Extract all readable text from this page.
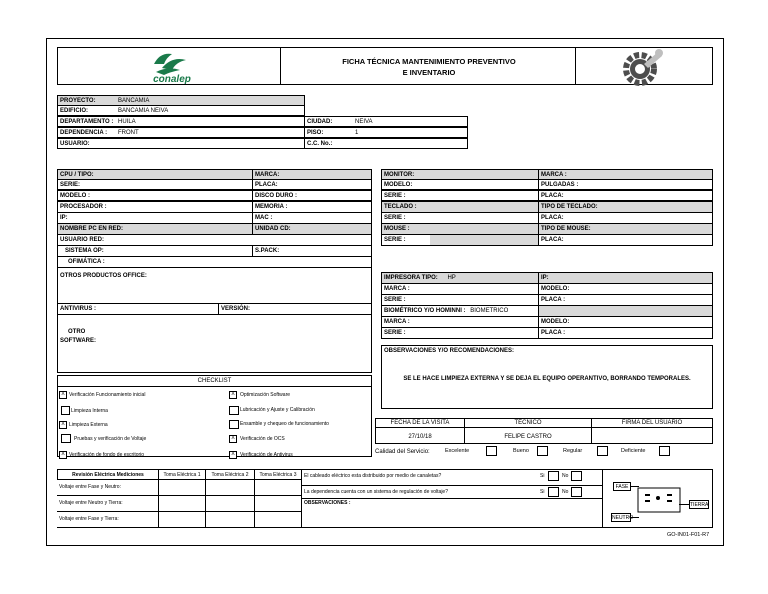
conalep
FICHA TÉCNICA MANTENIMIENTO PREVENTIVO
E INVENTARIO
PROYECTO:	BANCAMIA
EDIFICIO:	BANCAMIA NEIVA
DEPARTAMENTO : HUILA	CIUDAD:	NEIVA
DEPENDENCIA : FRONT	PISO:	1
USUARIO:	C.C. No.:
CPU / TIPO:	MARCA:
SERIE:	PLACA:
MODELO :	DISCO DURO :
PROCESADOR :	MEMORIA :
IP:	MAC :
NOMBRE PC EN RED:	UNIDAD CD:
USUARIO RED:
SISTEMA OP:	S.PACK:
OFIMÁTICA :
OTROS PRODUCTOS OFFICE:
ANTIVIRUS :	VERSIÓN:
OTRO
SOFTWARE:
MONITOR:	MARCA :
MODELO:	PULGADAS :
SERIE :	PLACA:
TECLADO :	TIPO DE TECLADO:
SERIE :	PLACA:
MOUSE :	TIPO DE MOUSE:
SERIE :	PLACA:
IMPRESORA TIPO: HP	IP:
MARCA :	MODELO:
SERIE :	PLACA :
BIOMÉTRICO Y/O HOMINNI : BIOMETRICO
MARCA :	MODELO:
SERIE :	PLACA :
OBSERVACIONES Y/O RECOMENDACIONES:
SE LE HACE LIMPIEZA EXTERNA Y SE DEJA EL EQUIPO OPERANTIVO, BORRANDO TEMPORALES.
CHECKLIST
X Verificación Funcionamiento inicial
Limpieza Interna
X Limpieza Externa
Pruebas y verificación de Voltaje
X Verificación de fondo de escritorio
X	Optimización Software
Lubricación y Ajuste y Calibración
Ensamble y chequeo de funcionamiento
X	Verificación de OCS
X	Verificación de Antivirus
FECHA DE LA VISITA	TÉCNICO	FIRMA DEL USUARIO
27/10/18	FELIPE CASTRO
Calidad del Servicio:	Excelente	Bueno	Regular	Deficiente
Revisión Eléctrica Mediciones	Toma Eléctrica 1	Toma Eléctrica 2	Toma Eléctrica 3
Voltaje entre Fase y Neutro:
Voltaje entre Neutro y Tierra:
Voltaje entre Fase y Tierra:
El cableado eléctrico esta distribuido por medio de canaletas?	Si	No
La dependencia cuenta con un sistema de regulación de voltaje?	Si	No
OBSERVACIONES :
FASE
NEUTRO
TIERRA
GO-IN01-F01-R7
